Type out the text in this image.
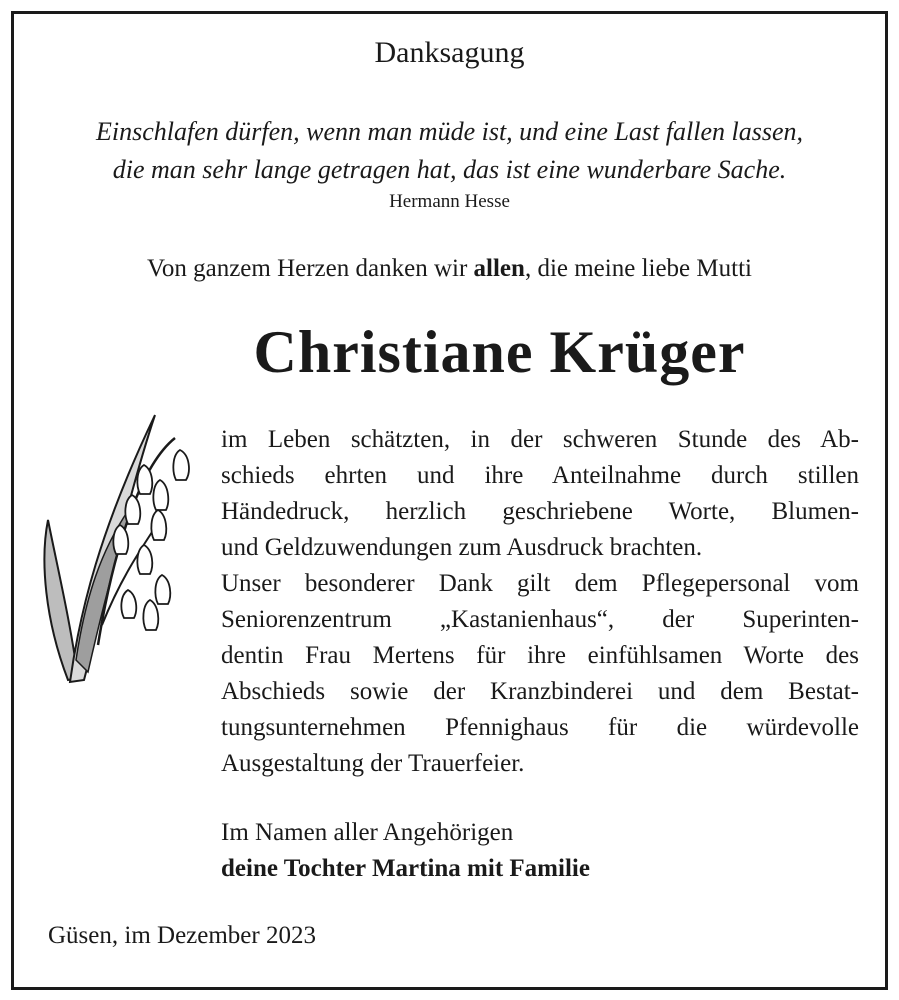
Danksagung
Einschlafen dürfen, wenn man müde ist, und eine Last fallen lassen,
die man sehr lange getragen hat, das ist eine wunderbare Sache.
Hermann Hesse
Von ganzem Herzen danken wir allen, die meine liebe Mutti
Christiane Krüger
im Leben schätzten, in der schweren Stunde des Ab-
schieds ehrten und ihre Anteilnahme durch stillen
Händedruck, herzlich geschriebene Worte, Blumen-
und Geldzuwendungen zum Ausdruck brachten.
Unser besonderer Dank gilt dem Pflegepersonal vom
Seniorenzentrum „Kastanienhaus“, der Superinten-
dentin Frau Mertens für ihre einfühlsamen Worte des
Abschieds sowie der Kranzbinderei und dem Bestat-
tungsunternehmen Pfennighaus für die würdevolle
Ausgestaltung der Trauerfeier.
Im Namen aller Angehörigen
deine Tochter Martina mit Familie
Güsen, im Dezember 2023
